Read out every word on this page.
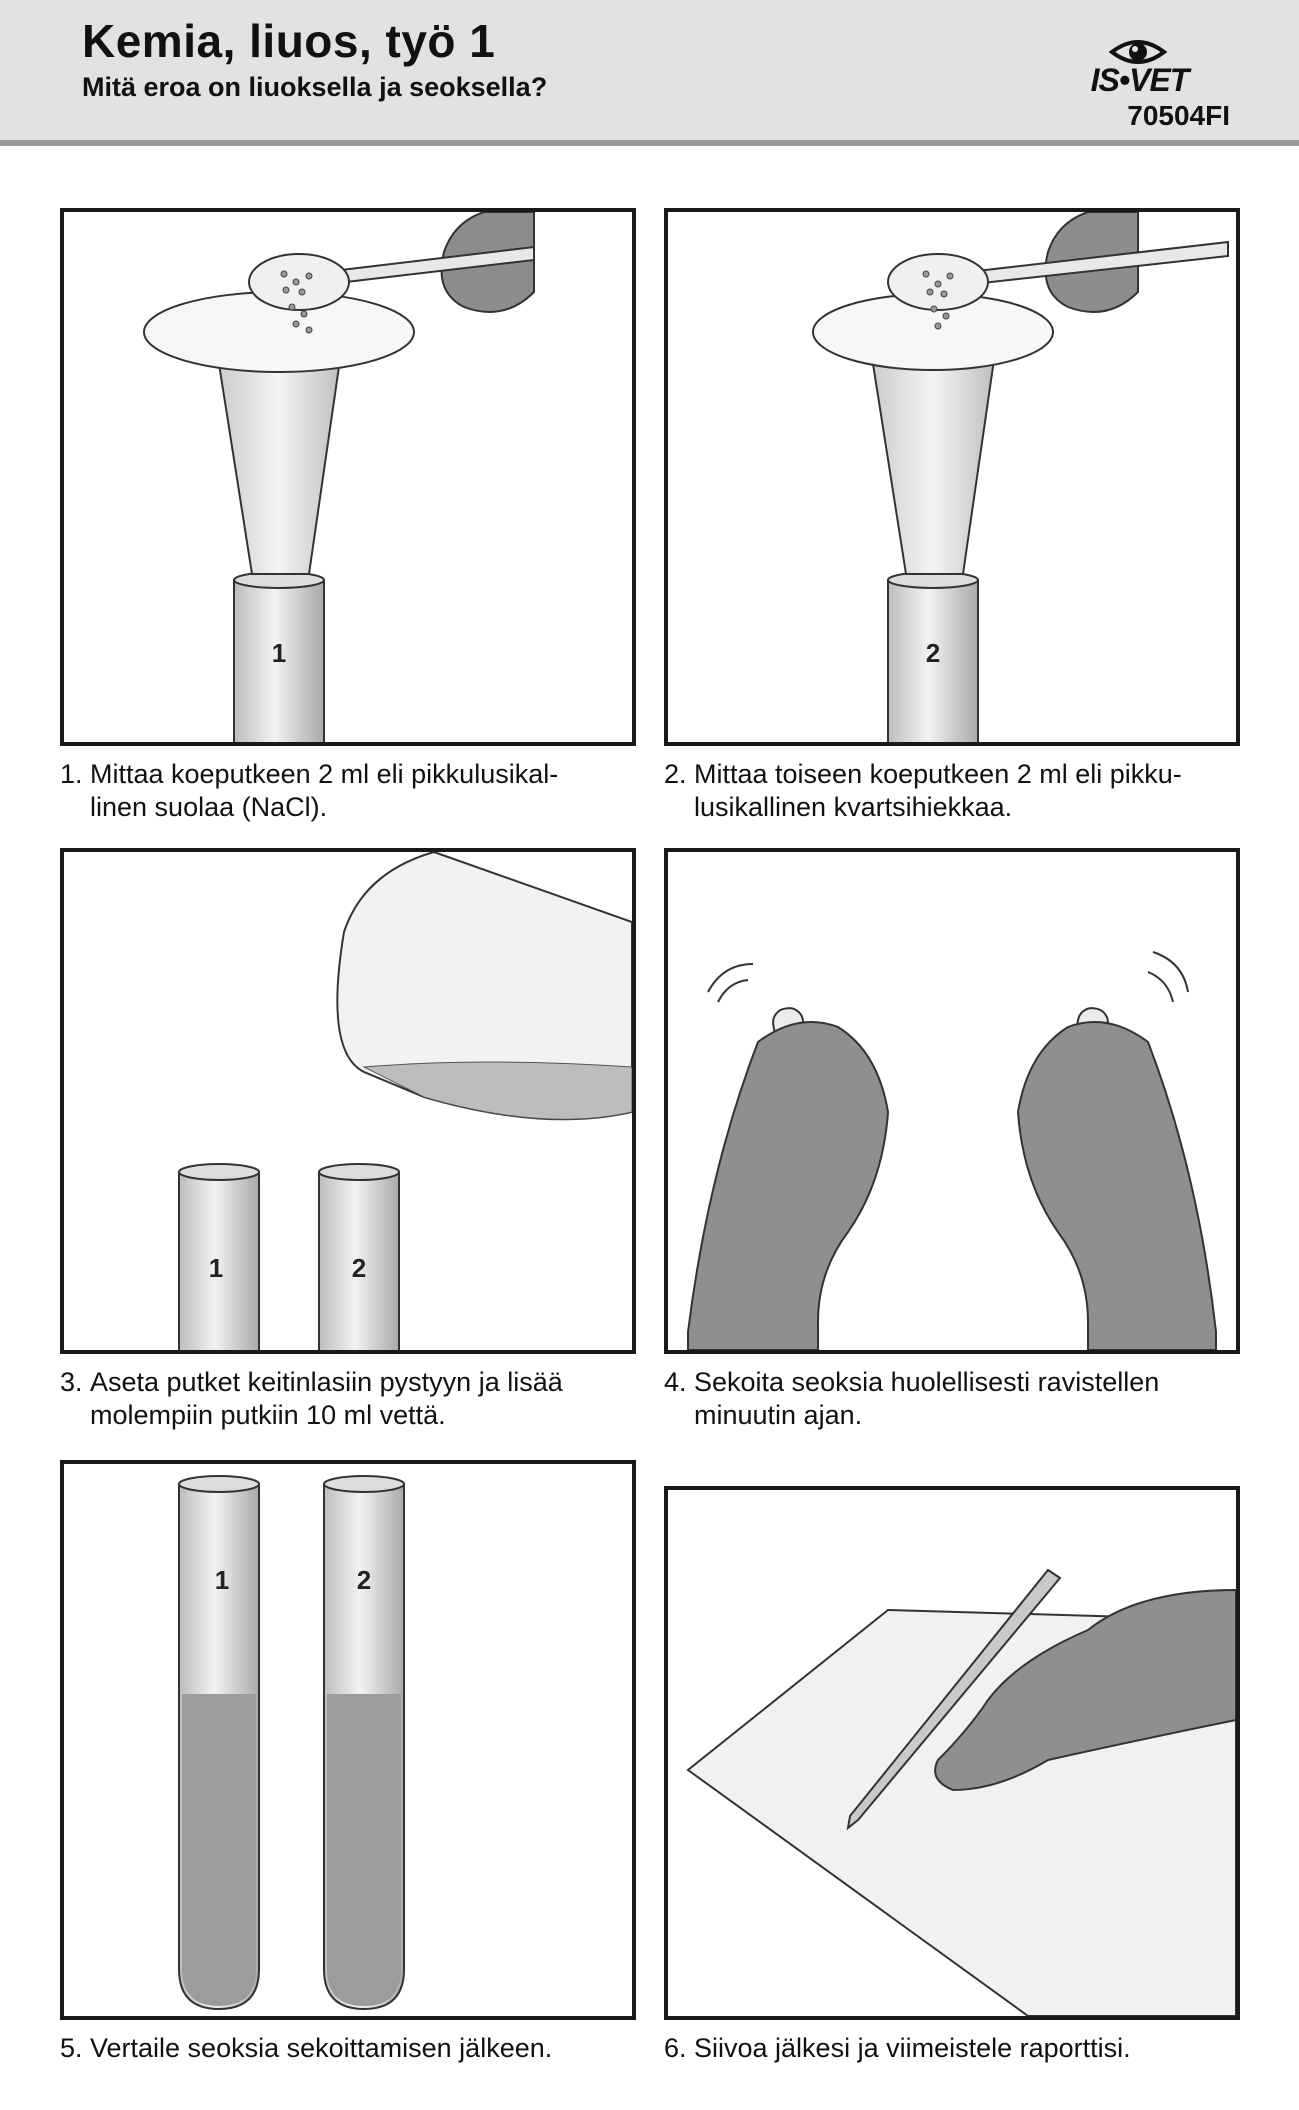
Kemia, liuos, työ 1
Mitä eroa on liuoksella ja seoksella?	IS•VET
70504FI
1
1. Mittaa koeputkeen 2 ml eli pikkulusikal-
linen suolaa (NaCl).
2
2. Mittaa toiseen koeputkeen 2 ml eli pikku-
lusikallinen kvartsihiekkaa.
1	2
3. Aseta putket keitinlasiin pystyyn ja lisää
molempiin putkiin 10 ml vettä.
4. Sekoita seoksia huolellisesti ravistellen
minuutin ajan.
1	2
5. Vertaile seoksia sekoittamisen jälkeen.	6. Siivoa jälkesi ja viimeistele raporttisi.
